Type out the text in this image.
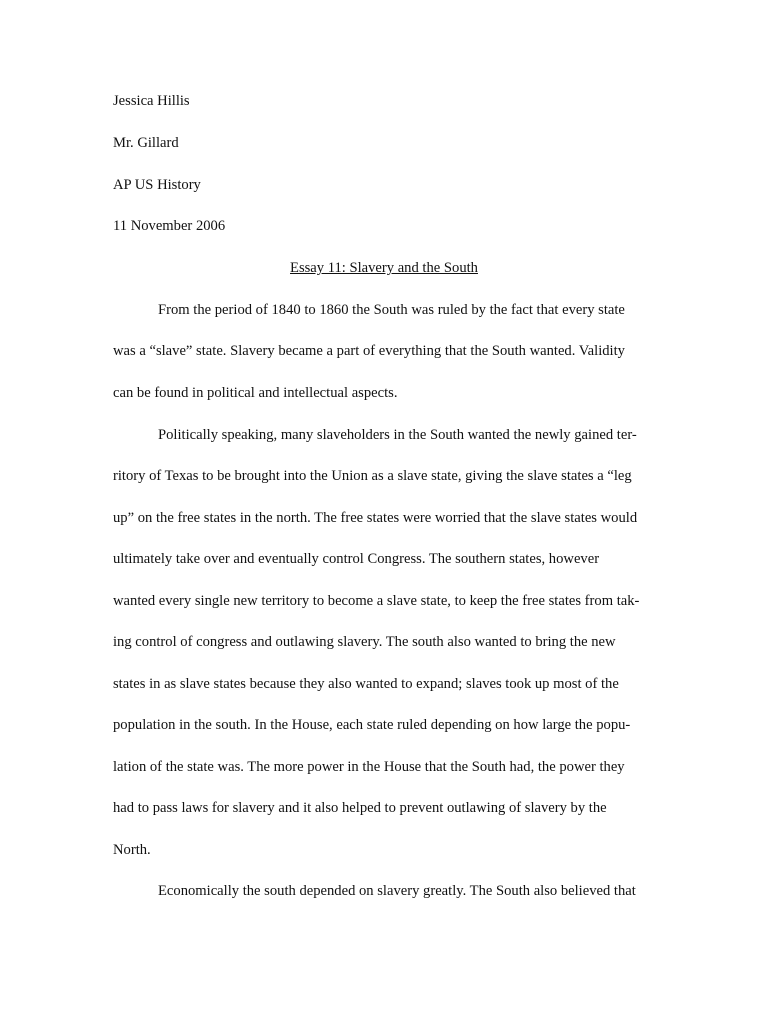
Jessica Hillis
Mr. Gillard
AP US History
11 November 2006
Essay 11: Slavery and the South
From the period of 1840 to 1860 the South was ruled by the fact that every state
was a “slave” state. Slavery became a part of everything that the South wanted. Validity
can be found in political and intellectual aspects.
Politically speaking, many slaveholders in the South wanted the newly gained ter-
ritory of Texas to be brought into the Union as a slave state, giving the slave states a “leg
up” on the free states in the north. The free states were worried that the slave states would
ultimately take over and eventually control Congress. The southern states, however
wanted every single new territory to become a slave state, to keep the free states from tak-
ing control of congress and outlawing slavery. The south also wanted to bring the new
states in as slave states because they also wanted to expand; slaves took up most of the
population in the south. In the House, each state ruled depending on how large the popu-
lation of the state was. The more power in the House that the South had, the power they
had to pass laws for slavery and it also helped to prevent outlawing of slavery by the
North.
Economically the south depended on slavery greatly. The South also believed that
